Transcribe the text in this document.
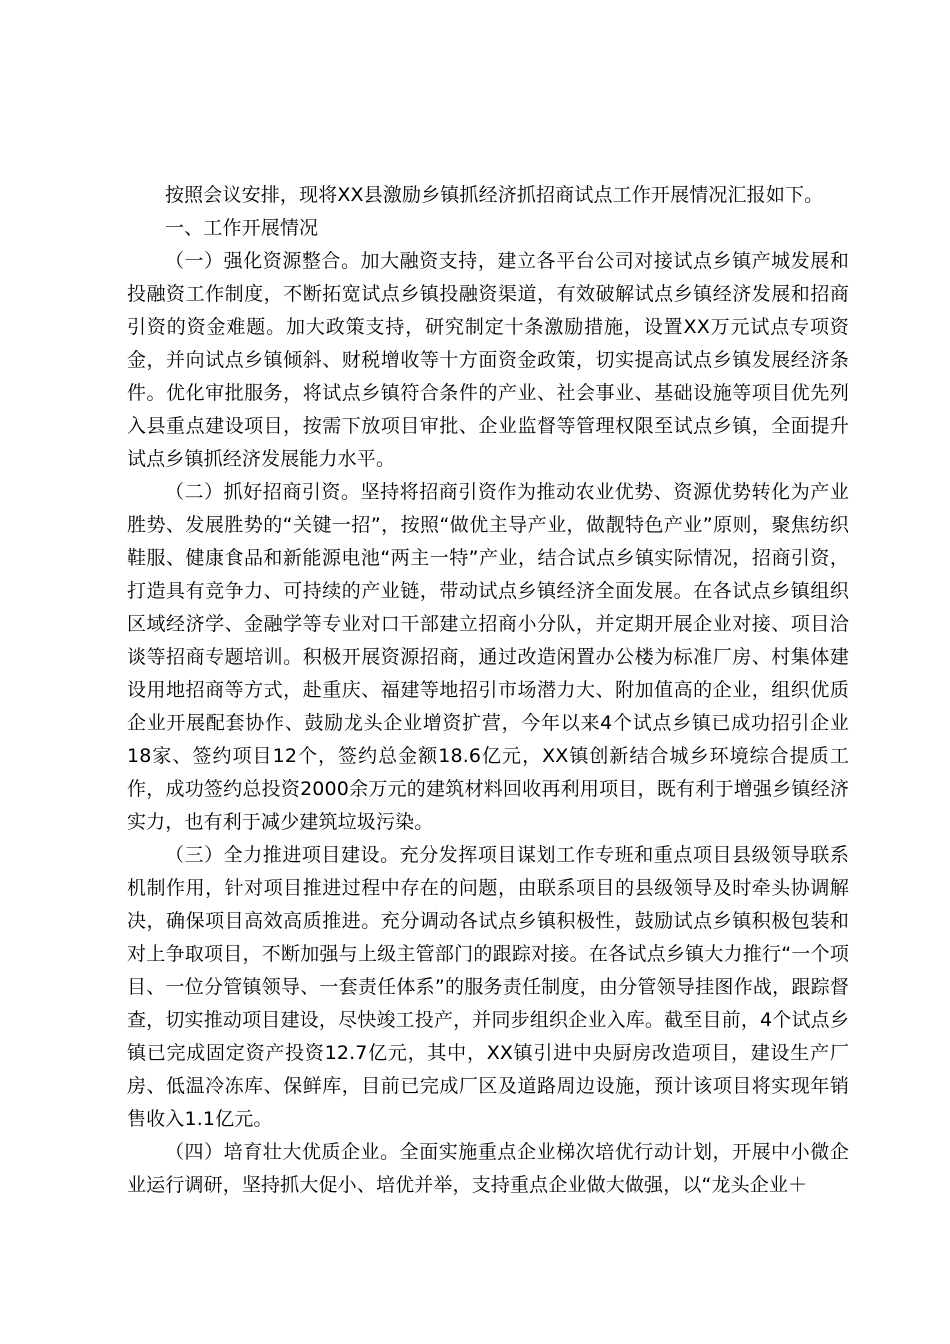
按照会议安排，现将XX县激励乡镇抓经济抓招商试点工作开展情况汇报如下。

一、工作开展情况

（一）强化资源整合。加大融资支持，建立各平台公司对接试点乡镇产城发展和投融资工作制度，不断拓宽试点乡镇投融资渠道，有效破解试点乡镇经济发展和招商引资的资金难题。加大政策支持，研究制定十条激励措施，设置XX万元试点专项资金，并向试点乡镇倾斜、财税增收等十方面资金政策，切实提高试点乡镇发展经济条件。优化审批服务，将试点乡镇符合条件的产业、社会事业、基础设施等项目优先列入县重点建设项目，按需下放项目审批、企业监督等管理权限至试点乡镇，全面提升试点乡镇抓经济发展能力水平。

（二）抓好招商引资。坚持将招商引资作为推动农业优势、资源优势转化为产业胜势、发展胜势的“关键一招”，按照“做优主导产业，做靓特色产业”原则，聚焦纺织鞋服、健康食品和新能源电池“两主一特”产业，结合试点乡镇实际情况，招商引资，打造具有竞争力、可持续的产业链，带动试点乡镇经济全面发展。在各试点乡镇组织区域经济学、金融学等专业对口干部建立招商小分队，并定期开展企业对接、项目洽谈等招商专题培训。积极开展资源招商，通过改造闲置办公楼为标准厂房、村集体建设用地招商等方式，赴重庆、福建等地招引市场潜力大、附加值高的企业，组织优质企业开展配套协作、鼓励龙头企业增资扩营，今年以来4个试点乡镇已成功招引企业18家、签约项目12个，签约总金额18.6亿元，XX镇创新结合城乡环境综合提质工作，成功签约总投资2000余万元的建筑材料回收再利用项目，既有利于增强乡镇经济实力，也有利于减少建筑垃圾污染。

（三）全力推进项目建设。充分发挥项目谋划工作专班和重点项目县级领导联系机制作用，针对项目推进过程中存在的问题，由联系项目的县级领导及时牵头协调解决，确保项目高效高质推进。充分调动各试点乡镇积极性，鼓励试点乡镇积极包装和对上争取项目，不断加强与上级主管部门的跟踪对接。在各试点乡镇大力推行“一个项目、一位分管镇领导、一套责任体系”的服务责任制度，由分管领导挂图作战，跟踪督查，切实推动项目建设，尽快竣工投产，并同步组织企业入库。截至目前，4个试点乡镇已完成固定资产投资12.7亿元，其中，XX镇引进中央厨房改造项目，建设生产厂房、低温冷冻库、保鲜库，目前已完成厂区及道路周边设施，预计该项目将实现年销售收入1.1亿元。

（四）培育壮大优质企业。全面实施重点企业梯次培优行动计划，开展中小微企业运行调研，坚持抓大促小、培优并举，支持重点企业做大做强，以“龙头企业＋
